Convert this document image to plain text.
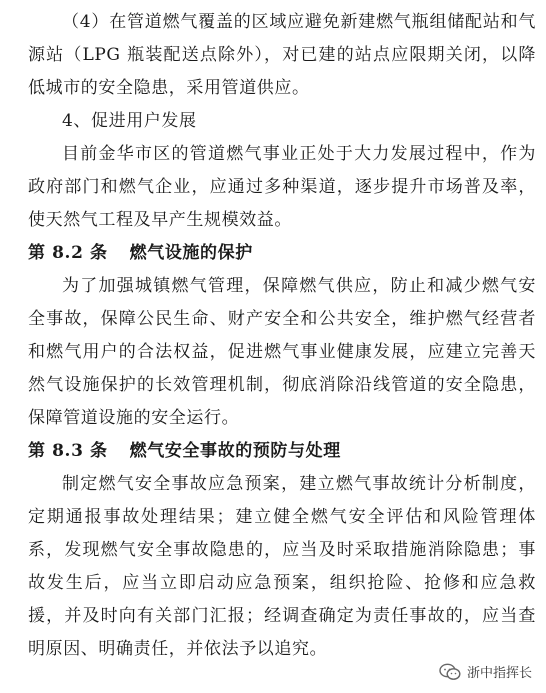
（4）在管道燃气覆盖的区域应避免新建燃气瓶组储配站和气源站（LPG 瓶装配送点除外），对已建的站点应限期关闭，以降低城市的安全隐患，采用管道供应。

4、促进用户发展

目前金华市区的管道燃气事业正处于大力发展过程中，作为政府部门和燃气企业，应通过多种渠道，逐步提升市场普及率，使天然气工程及早产生规模效益。

第 8.2 条 燃气设施的保护

为了加强城镇燃气管理，保障燃气供应，防止和减少燃气安全事故，保障公民生命、财产安全和公共安全，维护燃气经营者和燃气用户的合法权益，促进燃气事业健康发展，应建立完善天然气设施保护的长效管理机制，彻底消除沿线管道的安全隐患，保障管道设施的安全运行。

第 8.3 条 燃气安全事故的预防与处理

制定燃气安全事故应急预案，建立燃气事故统计分析制度，定期通报事故处理结果；建立健全燃气安全评估和风险管理体系，发现燃气安全事故隐患的，应当及时采取措施消除隐患；事故发生后，应当立即启动应急预案，组织抢险、抢修和应急救援，并及时向有关部门汇报；经调查确定为责任事故的，应当查明原因、明确责任，并依法予以追究。

浙中指挥长
